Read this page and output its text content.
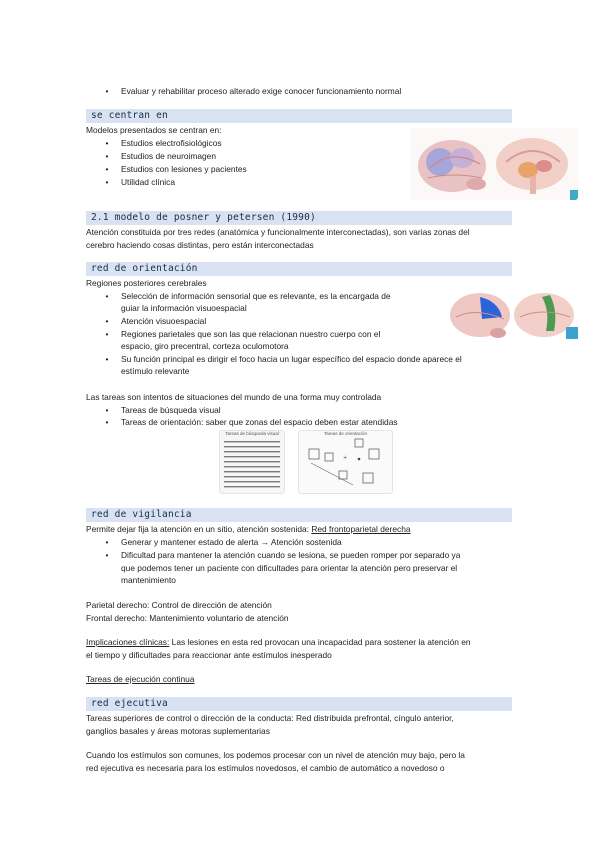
• Evaluar y rehabilitar proceso alterado exige conocer funcionamiento normal
se centran en
Modelos presentados se centran en:
• Estudios electrofisiológicos
• Estudios de neuroimagen
• Estudios con lesiones y pacientes
• Utilidad clínica
2.1 modelo de posner y petersen (1990)
Atención constituida por tres redes (anatómica y funcionalmente interconectadas), son varias zonas del
cerebro haciendo cosas distintas, pero están interconectadas
red de orientación
Regiones posteriores cerebrales
• Selección de información sensorial que es relevante, es la encargada de
guiar la información visuoespacial
• Atención visuoespacial
• Regiones parietales que son las que relacionan nuestro cuerpo con el
espacio, giro precentral, corteza oculomotora
• Su función principal es dirigir el foco hacia un lugar específico del espacio donde aparece el
estímulo relevante
Las tareas son intentos de situaciones del mundo de una forma muy controlada
• Tareas de búsqueda visual
• Tareas de orientación: saber que zonas del espacio deben estar atendidas
Tareas de búsqueda visual	Tareas de orientación
+
red de vigilancia
Permite dejar fija la atención en un sitio, atención sostenida: Red frontoparietal derecha
• Generar y mantener estado de alerta → Atención sostenida
• Dificultad para mantener la atención cuando se lesiona, se pueden romper por separado ya
que podemos tener un paciente con dificultades para orientar la atención pero preservar el
mantenimiento
Parietal derecho: Control de dirección de atención
Frontal derecho: Mantenimiento voluntario de atención
Implicaciones clínicas: Las lesiones en esta red provocan una incapacidad para sostener la atención en
el tiempo y dificultades para reaccionar ante estímulos inesperado
Tareas de ejecución continua
red ejecutiva
Tareas superiores de control o dirección de la conducta: Red distribuida prefrontal, cíngulo anterior,
ganglios basales y áreas motoras suplementarias
Cuando los estímulos son comunes, los podemos procesar con un nivel de atención muy bajo, pero la
red ejecutiva es necesaria para los estímulos novedosos, el cambio de automático a novedoso o
